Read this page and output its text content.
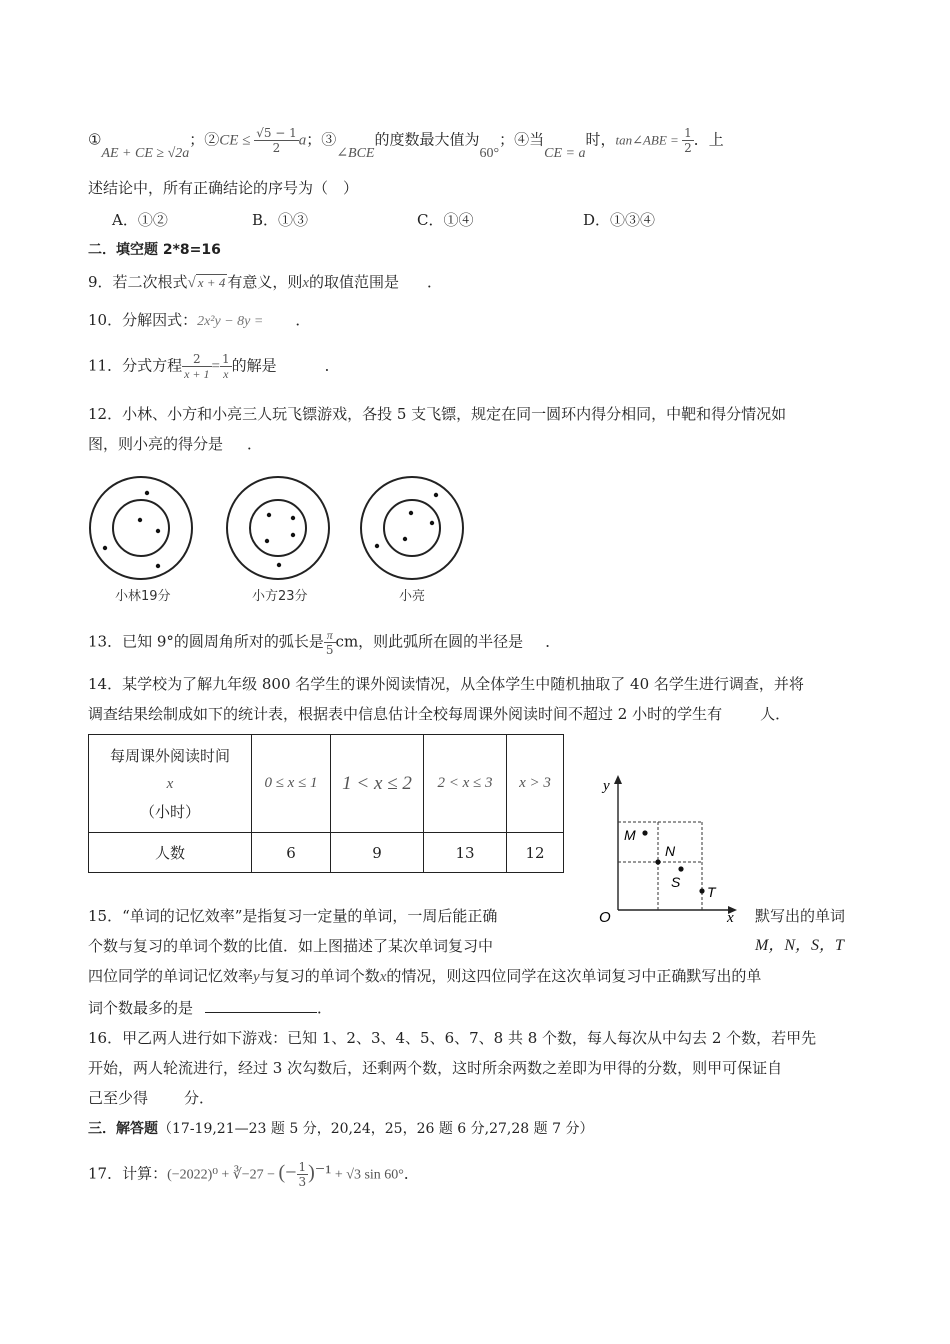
①AE + CE ≥ √2a；②CE ≤ $\frac{√5 - 1}{2}$ a；③∠BCE的度数最大值为60°；④当CE = a时，tan∠ABE = $\frac{1}{2}$ ．上
述结论中，所有正确结论的序号为（　）
A．①②	B．①③	C．①④	D．①③④
二．填空题 2*8=16
9．若二次根式√ x + 4 有意义，则x的取值范围是 ．
10．分解因式：2x²y − 8y = ．
11．分式方程 $\frac{2}{x + 1} = \frac{1}{x}$ 的解是	．
12．小林、小方和小亮三人玩飞镖游戏，各投 5 支飞镖，规定在同一圆环内得分相同，中靶和得分情况如
图，则小亮的得分是 ．
小林19分	小方23分	小亮
13．已知 9°的圆周角所对的弧长是 $\frac{\pi}{5}$ cm，则此弧所在圆的半径是 ．
14．某学校为了解九年级 800 名学生的课外阅读情况，从全体学生中随机抽取了 40 名学生进行调查，并将
调查结果绘制成如下的统计表，根据表中信息估计全校每周课外阅读时间不超过 2 小时的学生有	人．
每周课外阅读时间
x
（小时）	0 ≤ x ≤ 1	1 < x ≤ 2	2 < x ≤ 3	x > 3
人数	6	9	13	12
y
x
O
M
N
S
T
15．“单词的记忆效率”是指复习一定量的单词，一周后能正确	默写出的单词
个数与复习的单词个数的比值．如上图描述了某次单词复习中	M，N，S，T
四位同学的单词记忆效率y与复习的单词个数x的情况，则这四位同学在这次单词复习中正确默写出的单
词个数最多的是	．
16．甲乙两人进行如下游戏：已知 1、2、3、4、5、6、7、8 共 8 个数，每人每次从中勾去 2 个数，若甲先
开始，两人轮流进行，经过 3 次勾数后，还剩两个数，这时所余两数之差即为甲得的分数，则甲可保证自
己至少得 分．
三．解答题（17-19,21—23 题 5 分，20,24，25，26 题 6 分,27,28 题 7 分）
17．计算：(−2022)⁰ + ∛−27 − (− $\frac{1}{3} )^{-1} + √3$ sin 60°．
